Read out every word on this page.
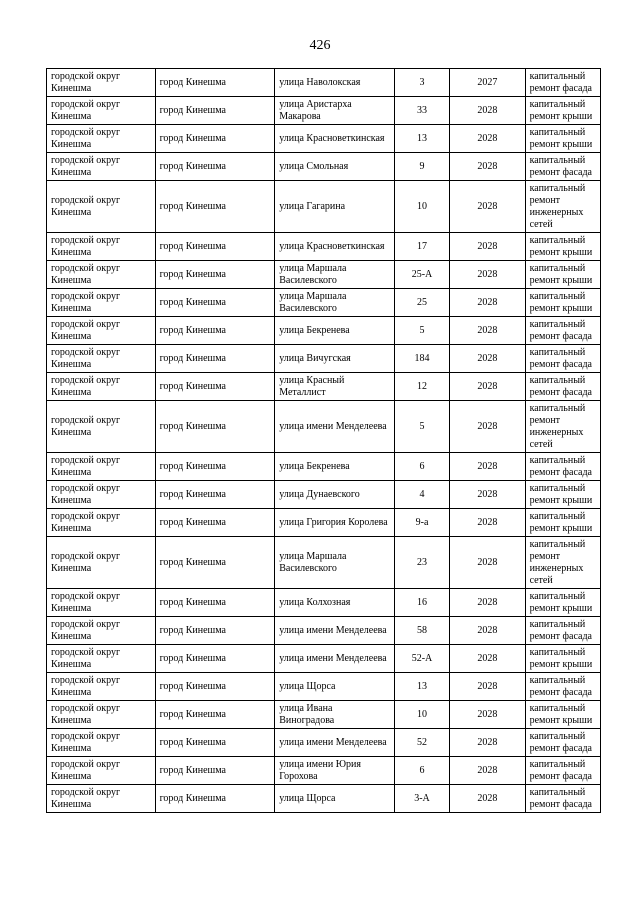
426
городской округ Кинешма	город Кинешма	улица Наволокская	3	2027	капитальный ремонт фасада
городской округ Кинешма	город Кинешма	улица Аристарха Макарова	33	2028	капитальный ремонт крыши
городской округ Кинешма	город Кинешма	улица Красноветкинская	13	2028	капитальный ремонт крыши
городской округ Кинешма	город Кинешма	улица Смольная	9	2028	капитальный ремонт фасада
городской округ Кинешма	город Кинешма	улица Гагарина	10	2028	капитальный ремонт инженерных сетей
городской округ Кинешма	город Кинешма	улица Красноветкинская	17	2028	капитальный ремонт крыши
городской округ Кинешма	город Кинешма	улица Маршала Василевского	25-А	2028	капитальный ремонт крыши
городской округ Кинешма	город Кинешма	улица Маршала Василевского	25	2028	капитальный ремонт крыши
городской округ Кинешма	город Кинешма	улица Бекренева	5	2028	капитальный ремонт фасада
городской округ Кинешма	город Кинешма	улица Вичугская	184	2028	капитальный ремонт фасада
городской округ Кинешма	город Кинешма	улица Красный Металлист	12	2028	капитальный ремонт фасада
городской округ Кинешма	город Кинешма	улица имени Менделеева	5	2028	капитальный ремонт инженерных сетей
городской округ Кинешма	город Кинешма	улица Бекренева	6	2028	капитальный ремонт фасада
городской округ Кинешма	город Кинешма	улица Дунаевского	4	2028	капитальный ремонт крыши
городской округ Кинешма	город Кинешма	улица Григория Королева	9-а	2028	капитальный ремонт крыши
городской округ Кинешма	город Кинешма	улица Маршала Василевского	23	2028	капитальный ремонт инженерных сетей
городской округ Кинешма	город Кинешма	улица Колхозная	16	2028	капитальный ремонт крыши
городской округ Кинешма	город Кинешма	улица имени Менделеева	58	2028	капитальный ремонт фасада
городской округ Кинешма	город Кинешма	улица имени Менделеева	52-А	2028	капитальный ремонт крыши
городской округ Кинешма	город Кинешма	улица Щорса	13	2028	капитальный ремонт фасада
городской округ Кинешма	город Кинешма	улица Ивана Виноградова	10	2028	капитальный ремонт крыши
городской округ Кинешма	город Кинешма	улица имени Менделеева	52	2028	капитальный ремонт фасада
городской округ Кинешма	город Кинешма	улица имени Юрия Горохова	6	2028	капитальный ремонт фасада
городской округ Кинешма	город Кинешма	улица Щорса	3-А	2028	капитальный ремонт фасада
